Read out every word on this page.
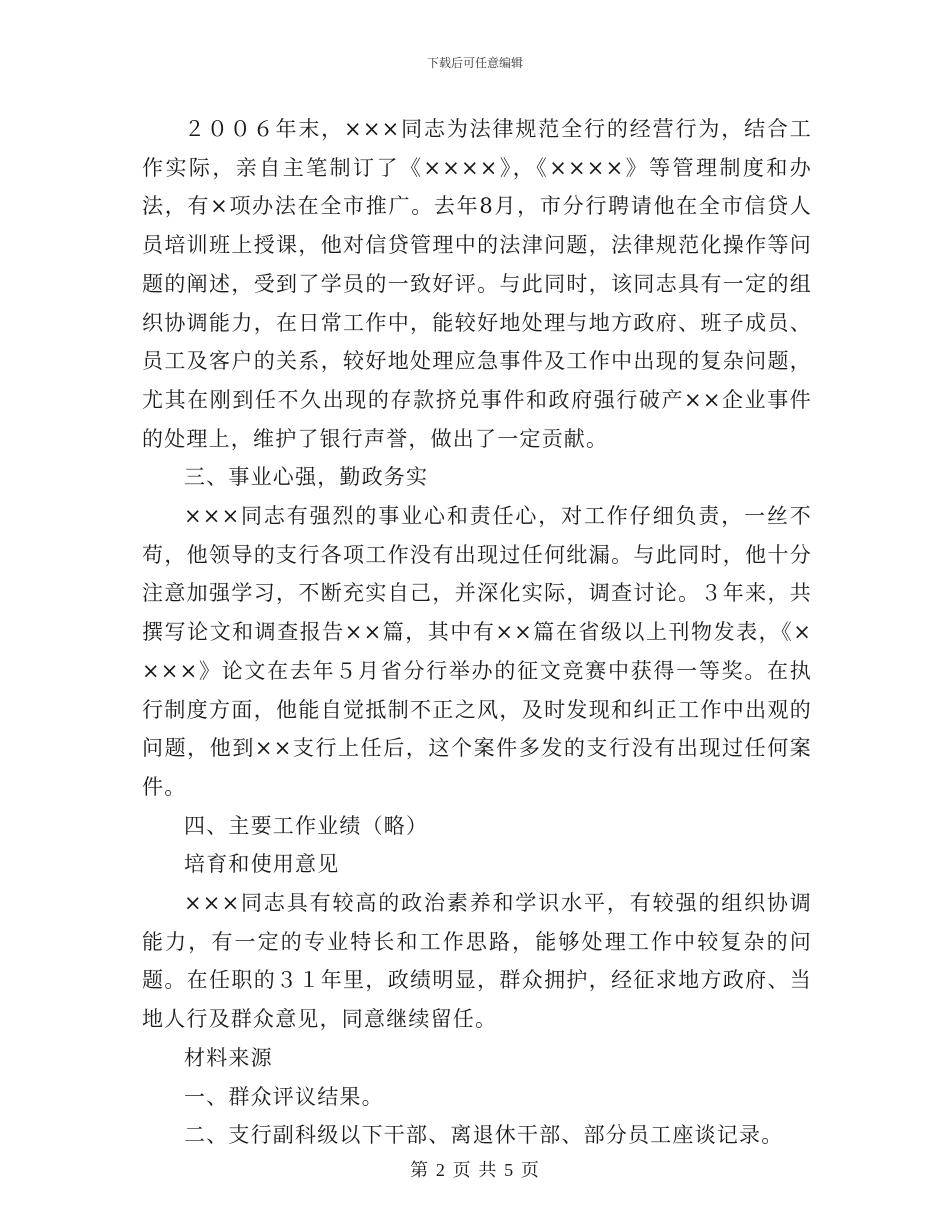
下载后可任意编辑

２００６年末，×××同志为法律规范全行的经营行为，结合工作实际，亲自主笔制订了《××××》，《××××》等管理制度和办法，有×项办法在全市推广。去年8月，市分行聘请他在全市信贷人员培训班上授课，他对信贷管理中的法津问题，法律规范化操作等问题的阐述，受到了学员的一致好评。与此同时，该同志具有一定的组织协调能力，在日常工作中，能较好地处理与地方政府、班子成员、员工及客户的关系，较好地处理应急事件及工作中出现的复杂问题，尤其在刚到任不久出现的存款挤兑事件和政府强行破产××企业事件的处理上，维护了银行声誉，做出了一定贡献。

三、事业心强，勤政务实

×××同志有强烈的事业心和责任心，对工作仔细负责，一丝不苟，他领导的支行各项工作没有出现过任何纰漏。与此同时，他十分注意加强学习，不断充实自己，并深化实际，调查讨论。３年来，共撰写论文和调查报告××篇，其中有××篇在省级以上刊物发表，《××××》论文在去年５月省分行举办的征文竞赛中获得一等奖。在执行制度方面，他能自觉抵制不正之风，及时发现和纠正工作中出观的问题，他到××支行上任后，这个案件多发的支行没有出现过任何案件。

四、主要工作业绩（略）

培育和使用意见

×××同志具有较高的政治素养和学识水平，有较强的组织协调能力，有一定的专业特长和工作思路，能够处理工作中较复杂的问题。在任职的３１年里，政绩明显，群众拥护，经征求地方政府、当地人行及群众意见，同意继续留任。

材料来源

一、群众评议结果。

二、支行副科级以下干部、离退休干部、部分员工座谈记录。

第 2 页 共 5 页
